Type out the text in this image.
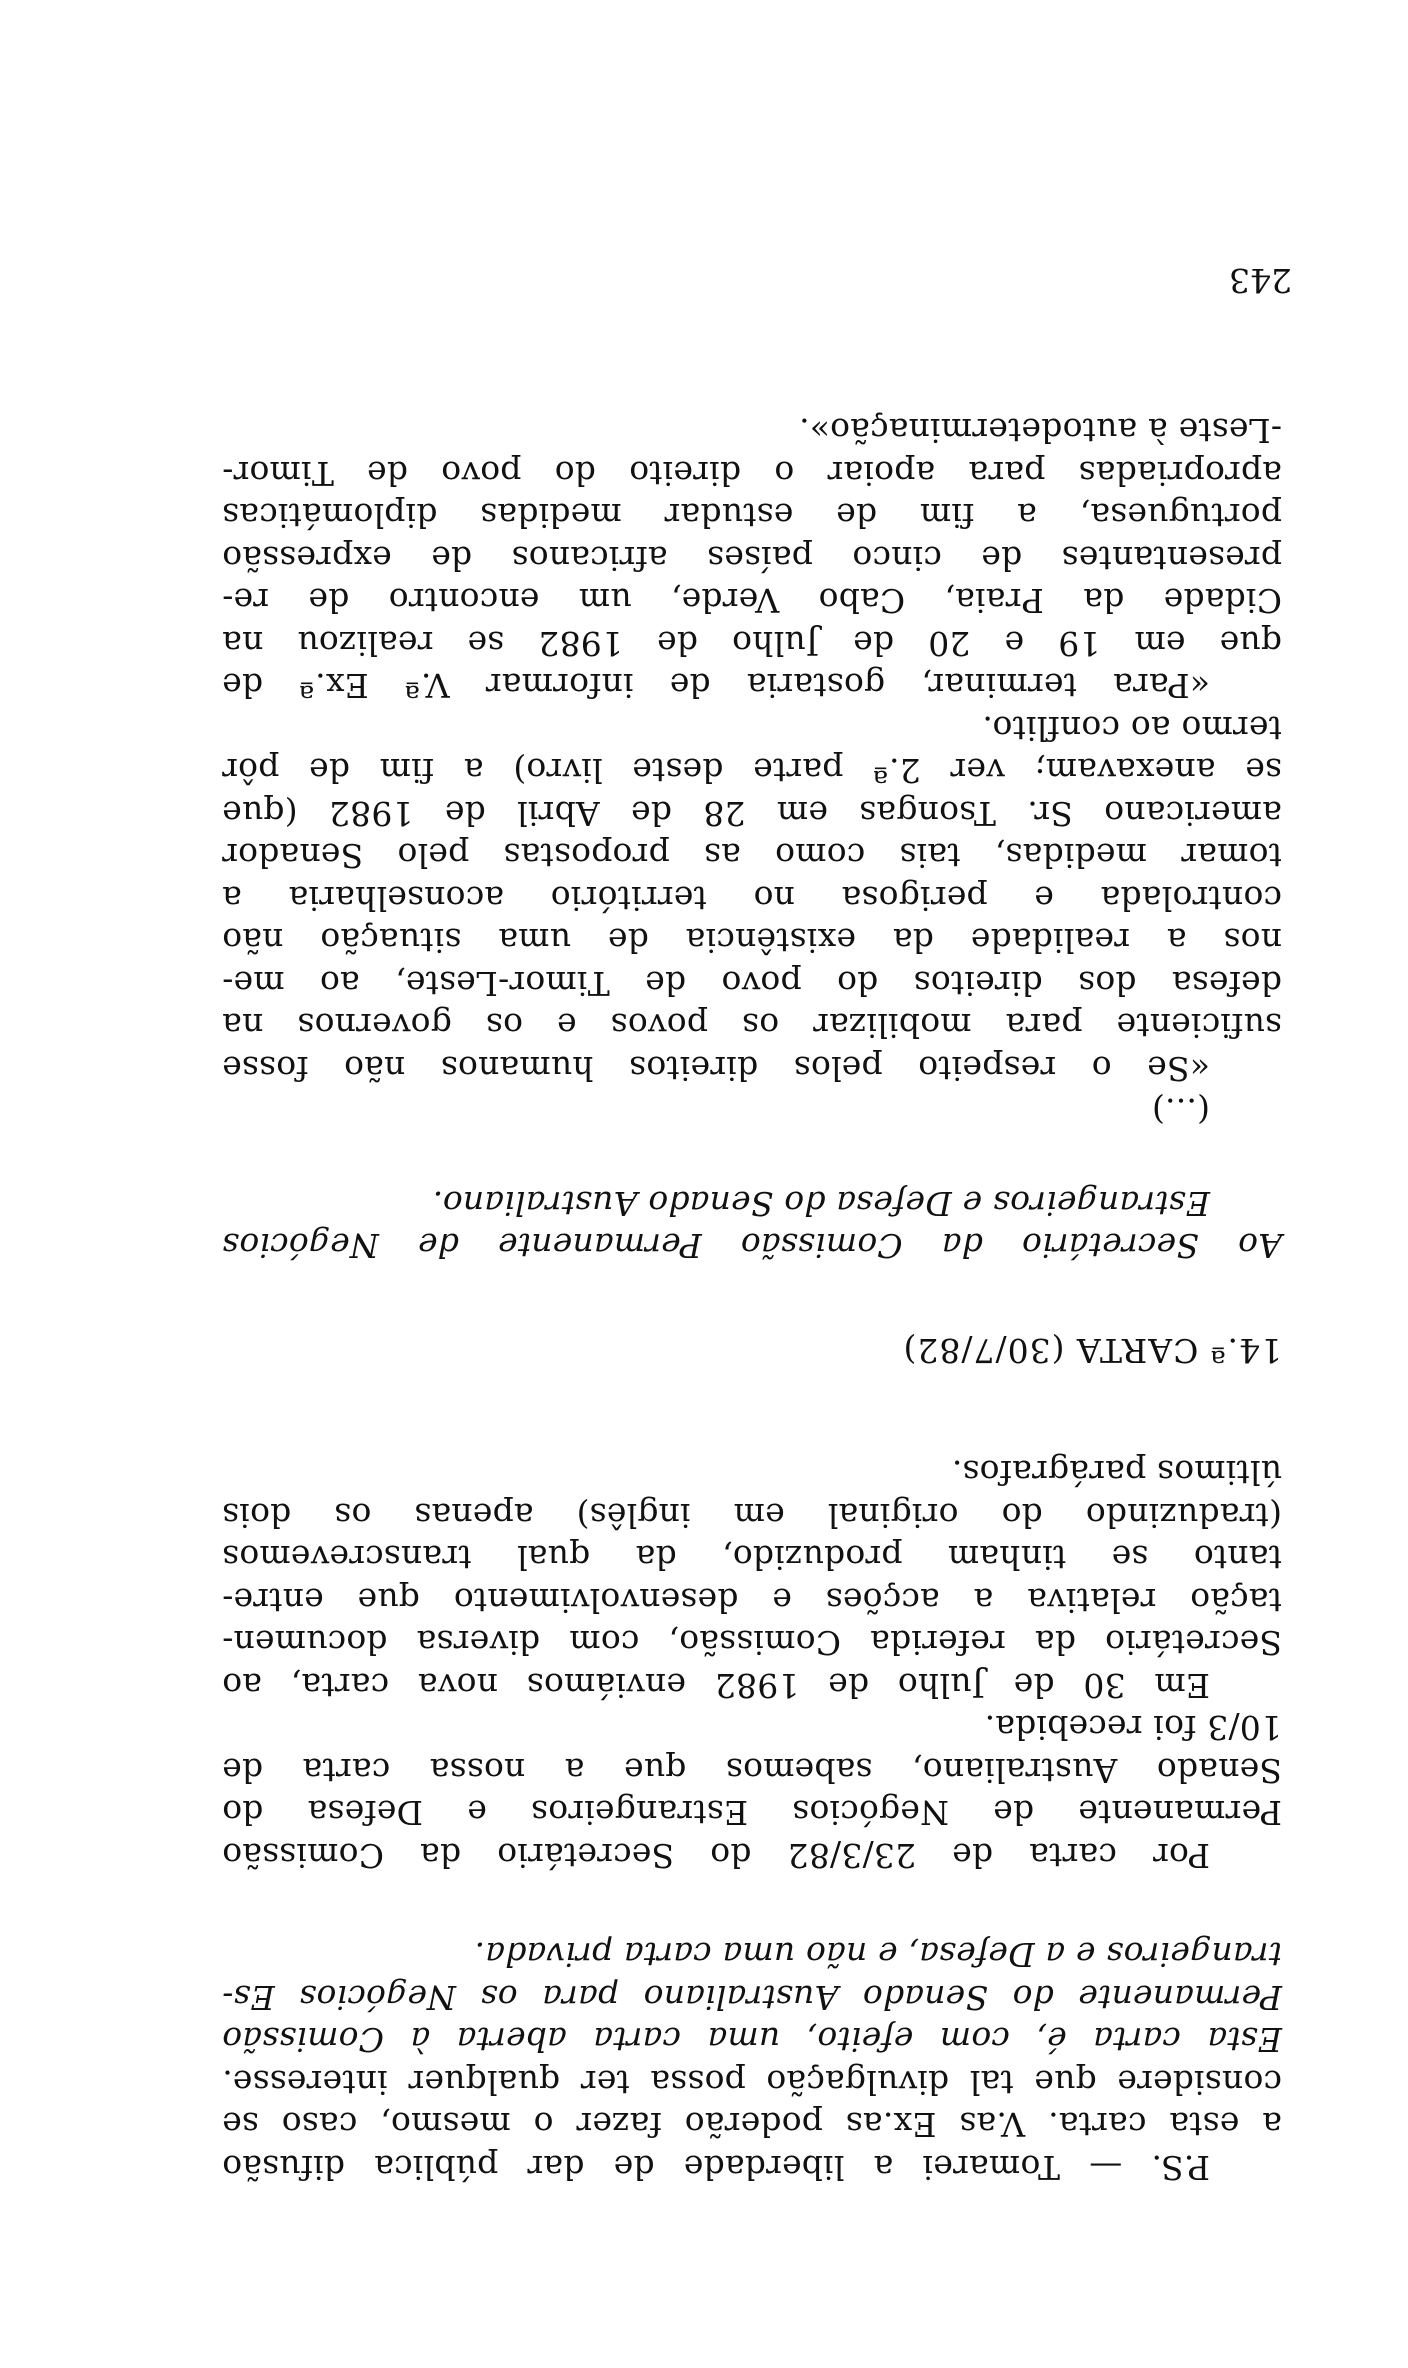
P.S. — Tomarei a liberdade de dar pública difusão
a esta carta. V.as Ex.as poderão fazer o mesmo, caso se
considere que tal divulgação possa ter qualquer interesse.
Esta carta é, com efeito, uma carta aberta à Comissão
Permanente do Senado Australiano para os Negócios Es-
trangeiros e a Defesa, e não uma carta privada.
Por carta de 23/3/82 do Secretário da Comissão
Permanente de Negócios Estrangeiros e Defesa do
Senado Australiano, sabemos que a nossa carta de
10/3 foi recebida.
Em 30 de Julho de 1982 enviámos nova carta, ao
Secretário da referida Comissão, com diversa documen-
tação relativa a acções e desenvolvimento que entre-
tanto se tinham produzido, da qual transcrevemos
(traduzindo do original em inglês) apenas os dois
últimos parágrafos.
14.ª CARTA (30/7/82)
Ao Secretário da Comissão Permanente de Negócios
Estrangeiros e Defesa do Senado Australiano.
(...)
«Se o respeito pelos direitos humanos não fosse
suficiente para mobilizar os povos e os governos na
defesa dos direitos do povo de Timor-Leste, ao me-
nos a realidade da existência de uma situação não
controlada e perigosa no território aconselharia a
tomar medidas, tais como as propostas pelo Senador
americano Sr. Tsongas em 28 de Abril de 1982 (que
se anexavam; ver 2.ª parte deste livro) a fim de pôr
termo ao conflito.
«Para terminar, gostaria de informar V.ª Ex.ª de
que em 19 e 20 de Julho de 1982 se realizou na
Cidade da Praia, Cabo Verde, um encontro de re-
presentantes de cinco países africanos de expressão
portuguesa, a fim de estudar medidas diplomáticas
apropriadas para apoiar o direito do povo de Timor-
-Leste à autodeterminação».
243
